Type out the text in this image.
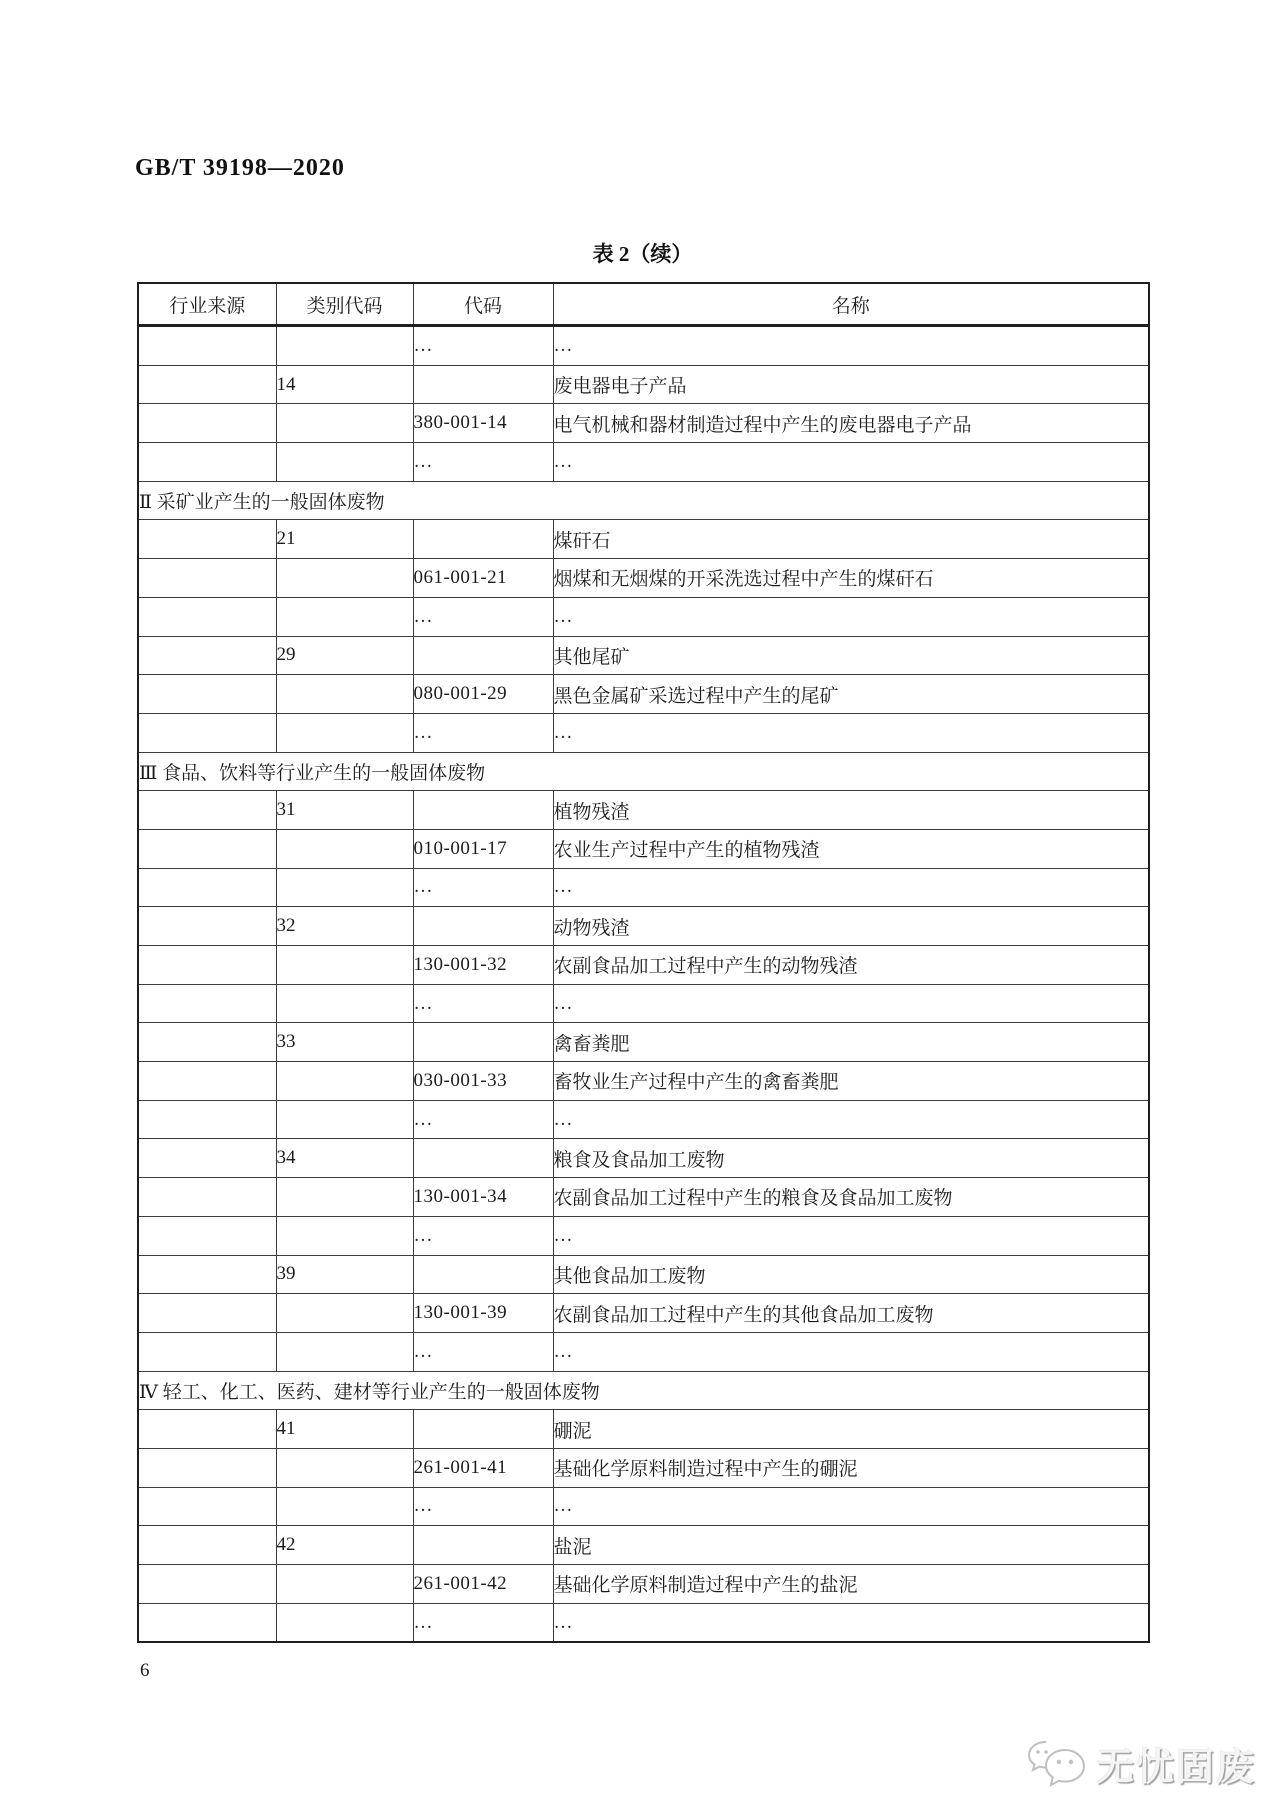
GB/T 39198—2020
表 2（续）
行业来源	类别代码	代码	名称
		…	…
	14		废电器电子产品
		380-001-14	电气机械和器材制造过程中产生的废电器电子产品
		…	…
Ⅱ 采矿业产生的一般固体废物			
	21		煤矸石
		061-001-21	烟煤和无烟煤的开采洗选过程中产生的煤矸石
		…	…
	29		其他尾矿
		080-001-29	黑色金属矿采选过程中产生的尾矿
		…	…
Ⅲ 食品、饮料等行业产生的一般固体废物			
	31		植物残渣
		010-001-17	农业生产过程中产生的植物残渣
		…	…
	32		动物残渣
		130-001-32	农副食品加工过程中产生的动物残渣
		…	…
	33		禽畜粪肥
		030-001-33	畜牧业生产过程中产生的禽畜粪肥
		…	…
	34		粮食及食品加工废物
		130-001-34	农副食品加工过程中产生的粮食及食品加工废物
		…	…
	39		其他食品加工废物
		130-001-39	农副食品加工过程中产生的其他食品加工废物
		…	…
Ⅳ 轻工、化工、医药、建材等行业产生的一般固体废物			
	41		硼泥
		261-001-41	基础化学原料制造过程中产生的硼泥
		…	…
	42		盐泥
		261-001-42	基础化学原料制造过程中产生的盐泥
		…	…
6
无忧固废
